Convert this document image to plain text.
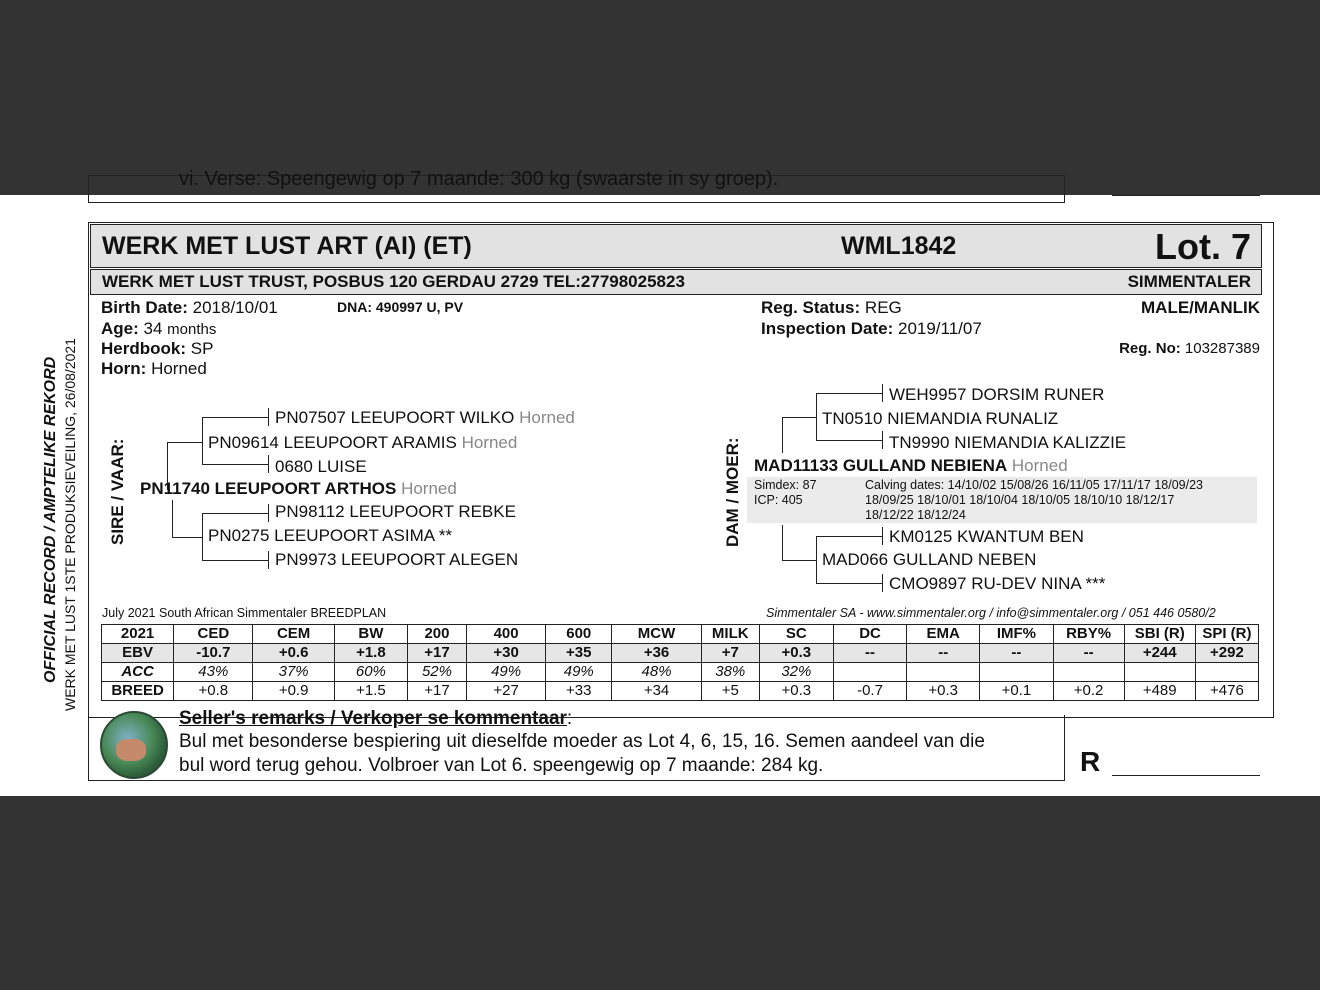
vi. Verse: Speengewig op 7 maande: 300 kg (swaarste in sy groep).
OFFICIAL RECORD / AMPTELIKE REKORD WERK MET LUST 1STE PRODUKSIEVEILING, 26/08/2021
WERK MET LUST ART (AI) (ET)	WML1842	Lot. 7
WERK MET LUST TRUST, POSBUS 120 GERDAU 2729 TEL:27798025823	SIMMENTALER
Birth Date: 2018/10/01	DNA: 490997 U, PV
Age: 34 months
Herdbook: SP
Horn: Horned
Reg. Status: REG
Inspection Date: 2019/11/07
MALE/MANLIK
Reg. No: 103287389
SIRE / VAAR:
PN07507 LEEUPOORT WILKO Horned
PN09614 LEEUPOORT ARAMIS Horned
0680 LUISE
PN11740 LEEUPOORT ARTHOS Horned
PN98112 LEEUPOORT REBKE
PN0275 LEEUPOORT ASIMA **
PN9973 LEEUPOORT ALEGEN
DAM / MOER:
WEH9957 DORSIM RUNER
TN0510 NIEMANDIA RUNALIZ
TN9990 NIEMANDIA KALIZZIE
MAD11133 GULLAND NEBIENA Horned
Simdex: 87
ICP: 405
Calving dates: 14/10/02 15/08/26 16/11/05 17/11/17 18/09/23
18/09/25 18/10/01 18/10/04 18/10/05 18/10/10 18/12/17
18/12/22 18/12/24
KM0125 KWANTUM BEN
MAD066 GULLAND NEBEN
CMO9897 RU-DEV NINA ***
July 2021 South African Simmentaler BREEDPLAN	Simmentaler SA - www.simmentaler.org / info@simmentaler.org / 051 446 0580/2
2021	CED	CEM	BW	200	400	600	MCW	MILK	SC	DC	EMA	IMF%	RBY%	SBI (R)	SPI (R)
EBV	-10.7	+0.6	+1.8	+17	+30	+35	+36	+7	+0.3	--	--	--	--	+244	+292
ACC	43%	37%	60%	52%	49%	49%	48%	38%	32%						
BREED	+0.8	+0.9	+1.5	+17	+27	+33	+34	+5	+0.3	-0.7	+0.3	+0.1	+0.2	+489	+476
Seller's remarks / Verkoper se kommentaar:
Bul met besonderse bespiering uit dieselfde moeder as Lot 4, 6, 15, 16. Semen aandeel van die
bul word terug gehou. Volbroer van Lot 6. speengewig op 7 maande: 284 kg.	R
